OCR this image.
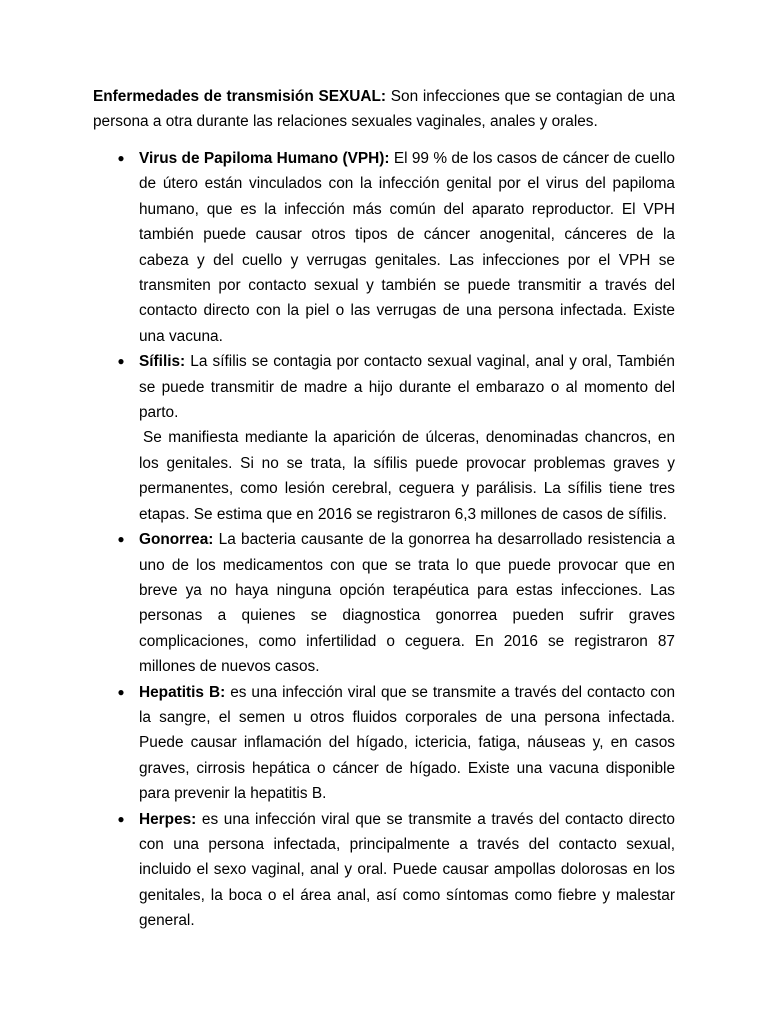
Enfermedades de transmisión SEXUAL: Son infecciones que se contagian de una persona a otra durante las relaciones sexuales vaginales, anales y orales.

● Virus de Papiloma Humano (VPH): El 99 % de los casos de cáncer de cuello de útero están vinculados con la infección genital por el virus del papiloma humano, que es la infección más común del aparato reproductor. El VPH también puede causar otros tipos de cáncer anogenital, cánceres de la cabeza y del cuello y verrugas genitales. Las infecciones por el VPH se transmiten por contacto sexual y también se puede transmitir a través del contacto directo con la piel o las verrugas de una persona infectada. Existe una vacuna.
● Sífilis: La sífilis se contagia por contacto sexual vaginal, anal y oral, También se puede transmitir de madre a hijo durante el embarazo o al momento del parto.
Se manifiesta mediante la aparición de úlceras, denominadas chancros, en los genitales. Si no se trata, la sífilis puede provocar problemas graves y permanentes, como lesión cerebral, ceguera y parálisis. La sífilis tiene tres etapas. Se estima que en 2016 se registraron 6,3 millones de casos de sífilis.
● Gonorrea: La bacteria causante de la gonorrea ha desarrollado resistencia a uno de los medicamentos con que se trata lo que puede provocar que en breve ya no haya ninguna opción terapéutica para estas infecciones. Las personas a quienes se diagnostica gonorrea pueden sufrir graves complicaciones, como infertilidad o ceguera. En 2016 se registraron 87 millones de nuevos casos.
● Hepatitis B: es una infección viral que se transmite a través del contacto con la sangre, el semen u otros fluidos corporales de una persona infectada. Puede causar inflamación del hígado, ictericia, fatiga, náuseas y, en casos graves, cirrosis hepática o cáncer de hígado. Existe una vacuna disponible para prevenir la hepatitis B.
● Herpes: es una infección viral que se transmite a través del contacto directo con una persona infectada, principalmente a través del contacto sexual, incluido el sexo vaginal, anal y oral. Puede causar ampollas dolorosas en los genitales, la boca o el área anal, así como síntomas como fiebre y malestar general.
